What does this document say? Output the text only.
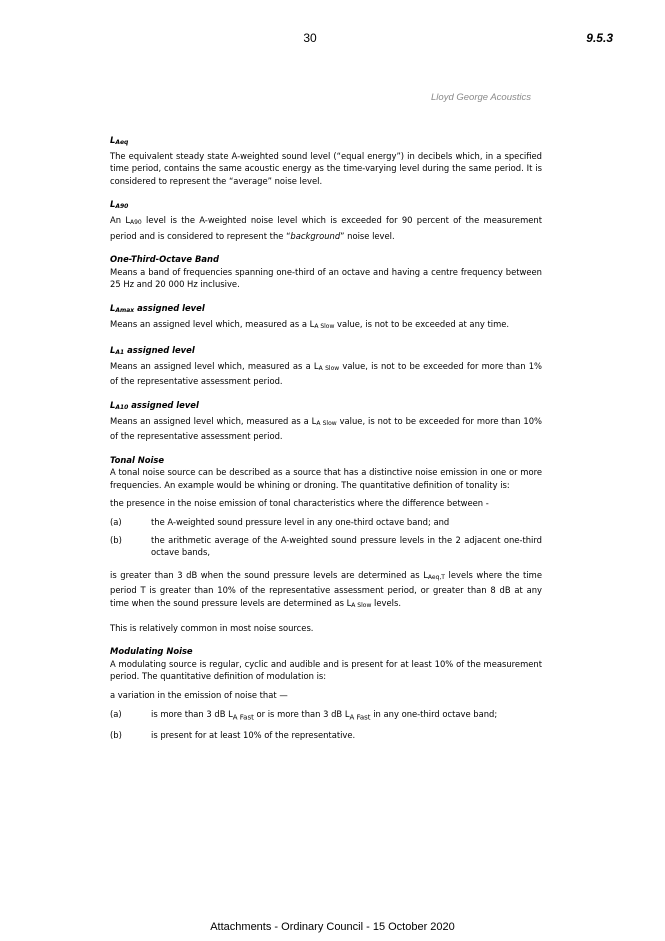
30	9.5.3
Lloyd George Acoustics
$L_{Aeq}$

The equivalent steady state A-weighted sound level (“equal energy”) in decibels which, in a specified time period, contains the same acoustic energy as the time-varying level during the same period. It is considered to represent the “average” noise level.

$L_{A90}$

An $L_{A90}$ level is the A-weighted noise level which is exceeded for 90 percent of the measurement period and is considered to represent the “background” noise level.

One-Third-Octave Band

Means a band of frequencies spanning one-third of an octave and having a centre frequency between 25 Hz and 20 000 Hz inclusive.

$L_{Amax}$ assigned level

Means an assigned level which, measured as a $L_{A Slow}$ value, is not to be exceeded at any time.

$L_{A1}$ assigned level

Means an assigned level which, measured as a $L_{A Slow}$ value, is not to be exceeded for more than 1% of the representative assessment period.

$L_{A10}$ assigned level

Means an assigned level which, measured as a $L_{A Slow}$ value, is not to be exceeded for more than 10% of the representative assessment period.

Tonal Noise

A tonal noise source can be described as a source that has a distinctive noise emission in one or more frequencies. An example would be whining or droning. The quantitative definition of tonality is:

the presence in the noise emission of tonal characteristics where the difference between -

(a)	the A-weighted sound pressure level in any one-third octave band; and
(b)	the arithmetic average of the A-weighted sound pressure levels in the 2 adjacent one-third octave bands,

is greater than 3 dB when the sound pressure levels are determined as $L_{Aeq,T}$ levels where the time period T is greater than 10% of the representative assessment period, or greater than 8 dB at any time when the sound pressure levels are determined as $L_{A Slow}$ levels.

This is relatively common in most noise sources.

Modulating Noise

A modulating source is regular, cyclic and audible and is present for at least 10% of the measurement period. The quantitative definition of modulation is:

a variation in the emission of noise that —

(a)	is more than 3 dB $L_{A Fast}$ or is more than 3 dB $L_{A Fast}$ in any one-third octave band;
(b)	is present for at least 10% of the representative.
Attachments - Ordinary Council - 15 October 2020
